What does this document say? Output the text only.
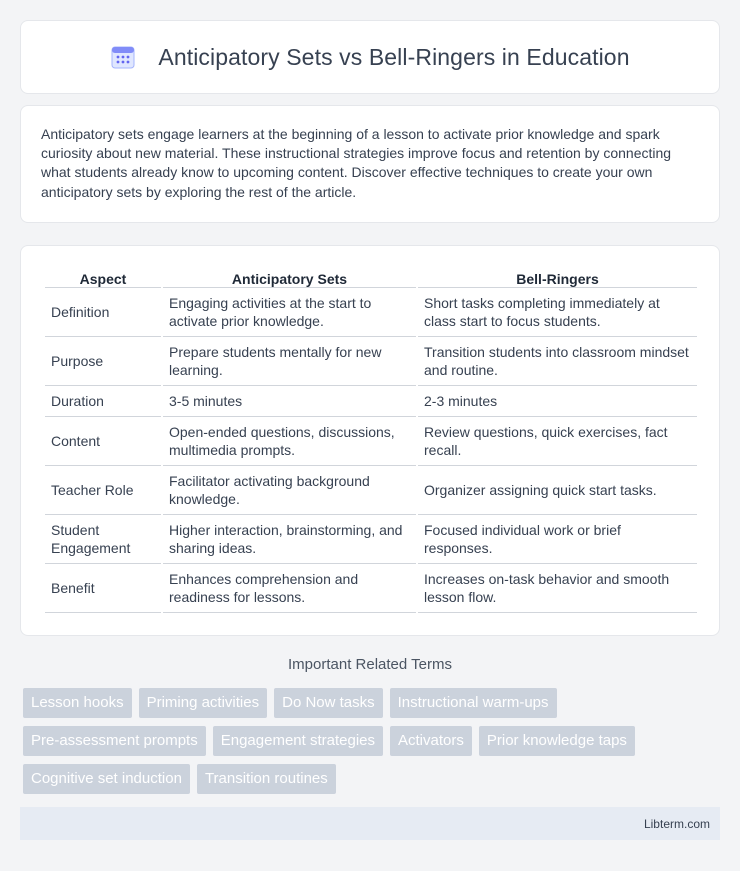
Anticipatory Sets vs Bell-Ringers in Education

Anticipatory sets engage learners at the beginning of a lesson to activate prior knowledge and spark curiosity about new material. These instructional strategies improve focus and retention by connecting what students already know to upcoming content. Discover effective techniques to create your own anticipatory sets by exploring the rest of the article.

Aspect	Anticipatory Sets	Bell-Ringers
Definition	Engaging activities at the start to activate prior knowledge.	Short tasks completing immediately at class start to focus students.
Purpose	Prepare students mentally for new learning.	Transition students into classroom mindset and routine.
Duration	3-5 minutes	2-3 minutes
Content	Open-ended questions, discussions, multimedia prompts.	Review questions, quick exercises, fact recall.
Teacher Role	Facilitator activating background knowledge.	Organizer assigning quick start tasks.
Student Engagement	Higher interaction, brainstorming, and sharing ideas.	Focused individual work or brief responses.
Benefit	Enhances comprehension and readiness for lessons.	Increases on-task behavior and smooth lesson flow.
Important Related Terms
Lesson hooks	Priming activities	Do Now tasks	Instructional warm-ups
Pre-assessment prompts	Engagement strategies	Activators	Prior knowledge taps
Cognitive set induction	Transition routines
Libterm.com
